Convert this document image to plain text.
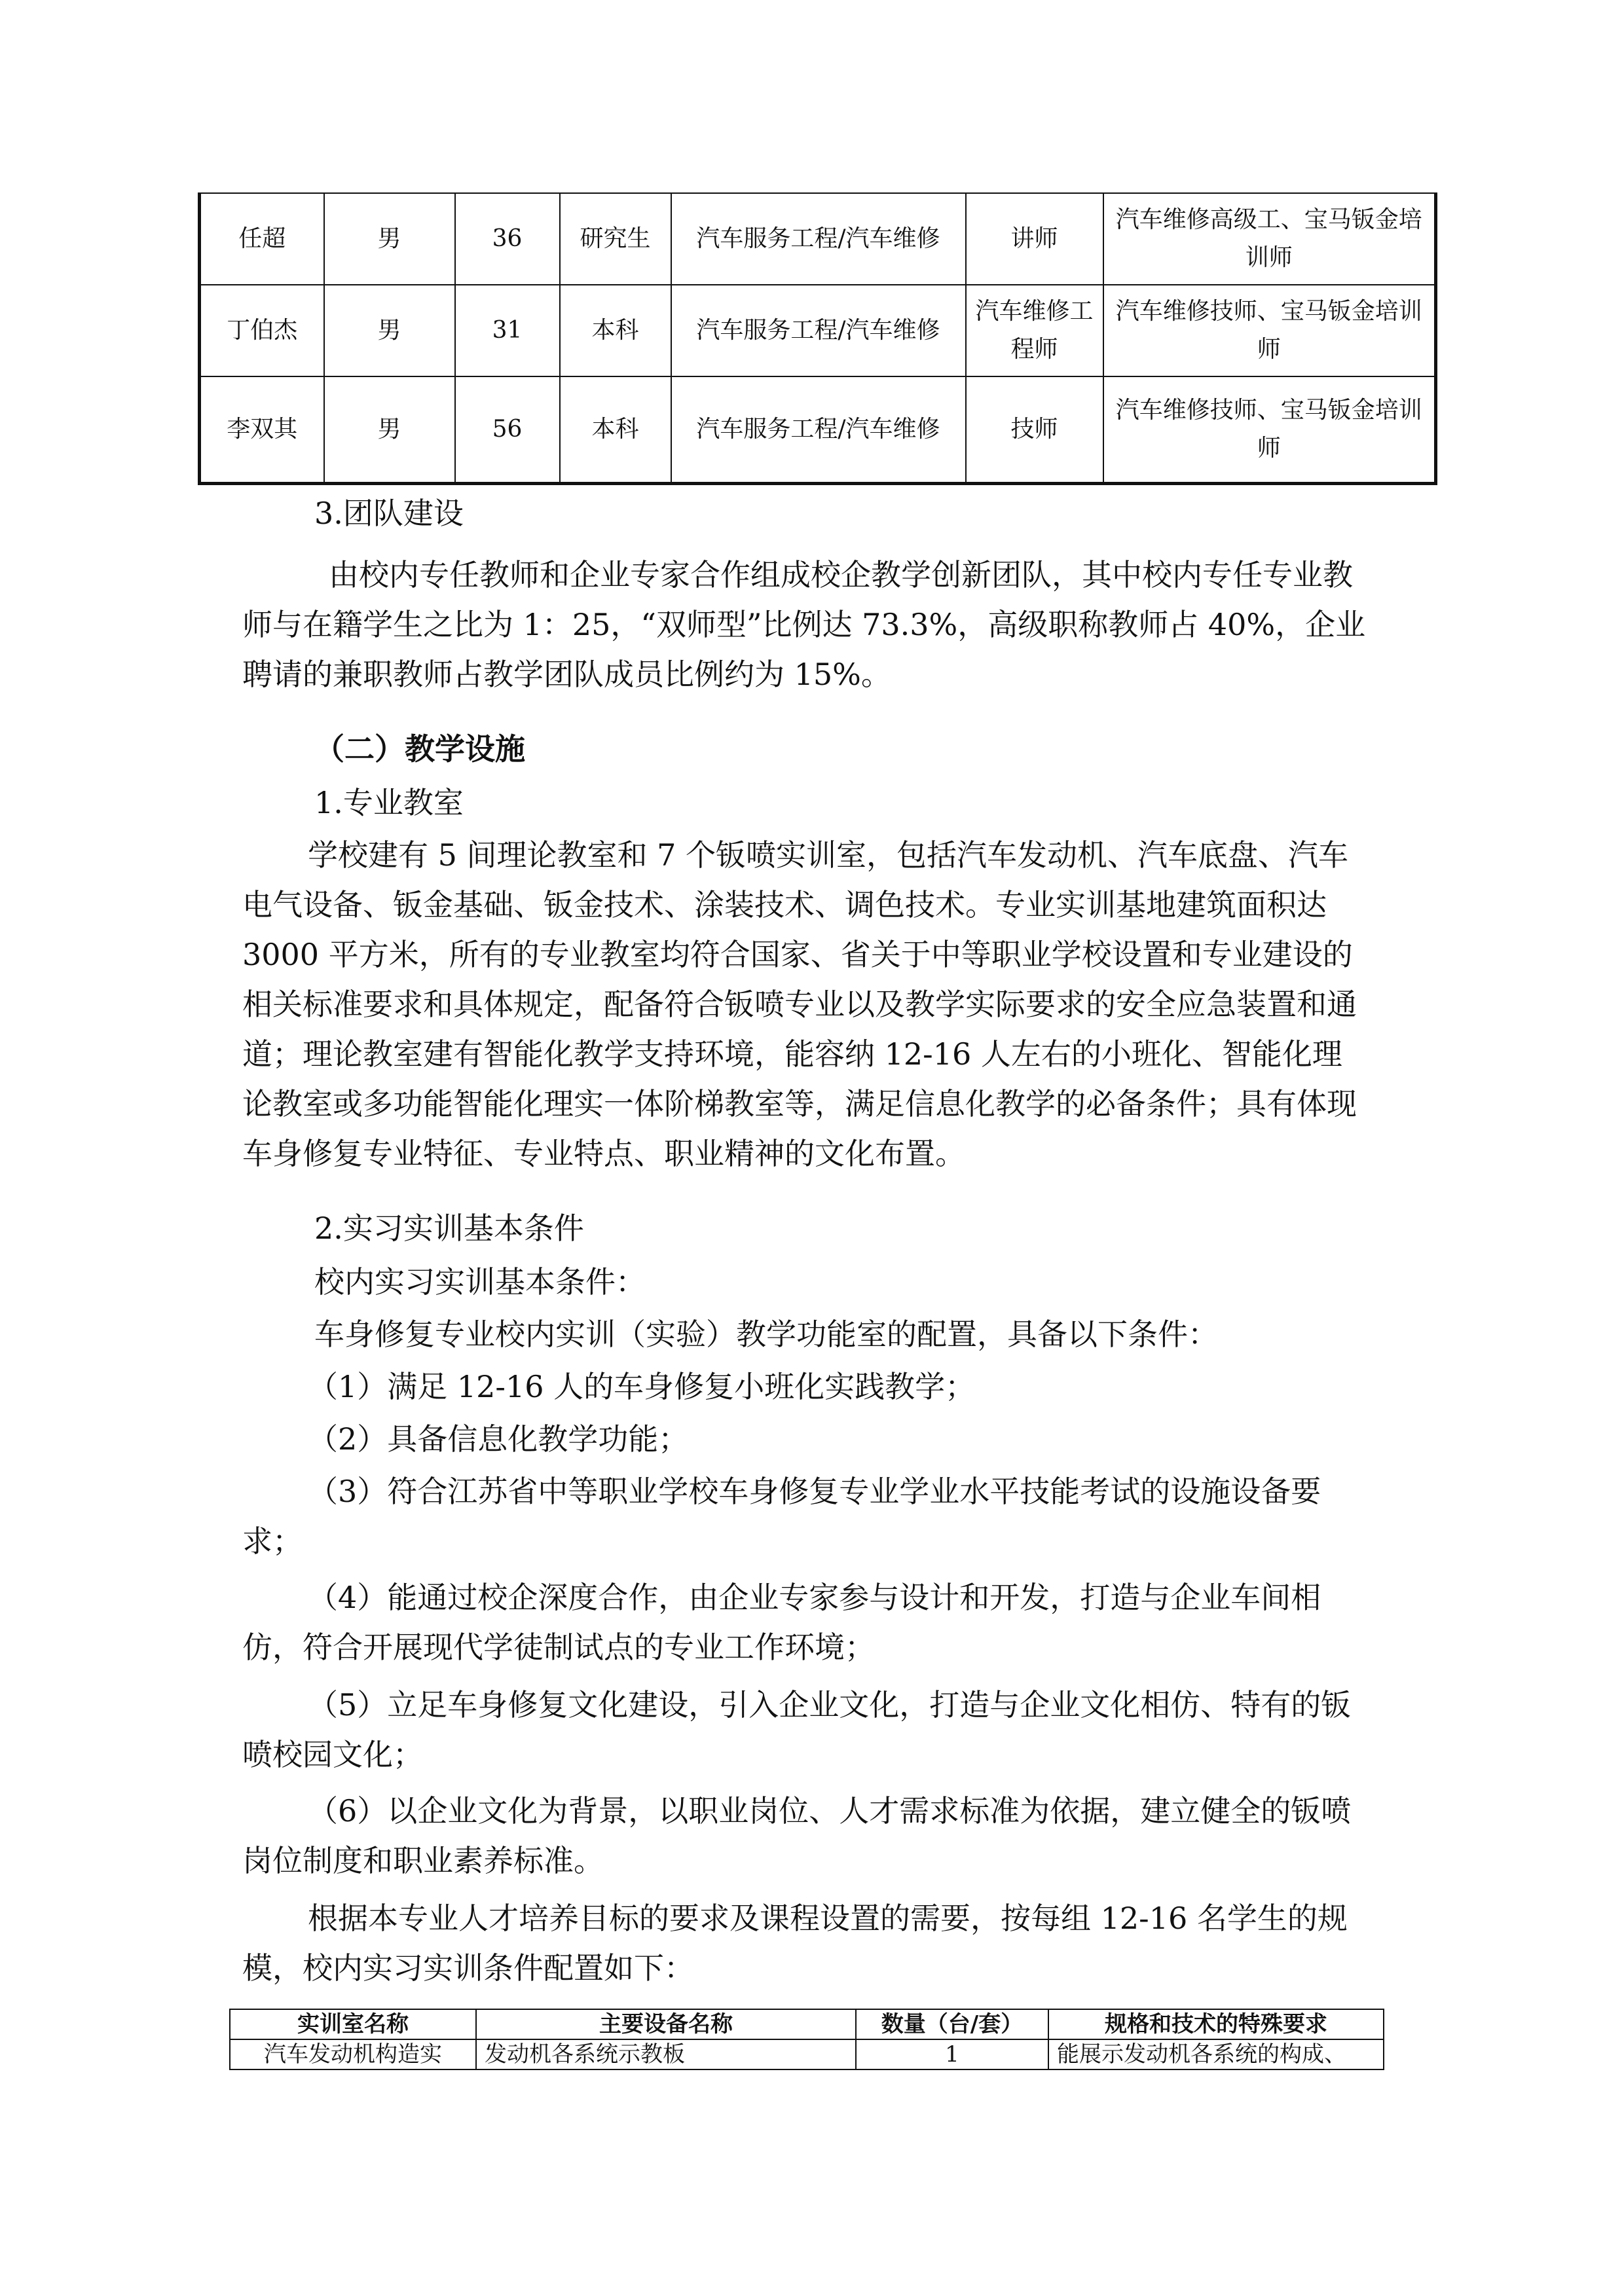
任超	男	36	研究生	汽车服务工程/汽车维修	讲师	汽车维修高级工、宝马钣金培训师
丁伯杰	男	31	本科	汽车服务工程/汽车维修	汽车维修工程师	汽车维修技师、宝马钣金培训师
李双其	男	56	本科	汽车服务工程/汽车维修	技师	汽车维修技师、宝马钣金培训师

3.团队建设

由校内专任教师和企业专家合作组成校企教学创新团队，其中校内专任专业教师与在籍学生之比为 1：25，“双师型”比例达 73.3%，高级职称教师占 40%，企业聘请的兼职教师占教学团队成员比例约为 15%。

（二）教学设施

1.专业教室

学校建有 5 间理论教室和 7 个钣喷实训室，包括汽车发动机、汽车底盘、汽车电气设备、钣金基础、钣金技术、涂装技术、调色技术。专业实训基地建筑面积达 3000 平方米，所有的专业教室均符合国家、省关于中等职业学校设置和专业建设的相关标准要求和具体规定，配备符合钣喷专业以及教学实际要求的安全应急装置和通道；理论教室建有智能化教学支持环境，能容纳 12-16 人左右的小班化、智能化理论教室或多功能智能化理实一体阶梯教室等，满足信息化教学的必备条件；具有体现车身修复专业特征、专业特点、职业精神的文化布置。

2.实习实训基本条件

校内实习实训基本条件：

车身修复专业校内实训（实验）教学功能室的配置，具备以下条件：

（1）满足 12-16 人的车身修复小班化实践教学；

（2）具备信息化教学功能；

（3）符合江苏省中等职业学校车身修复专业学业水平技能考试的设施设备要求；

（4）能通过校企深度合作，由企业专家参与设计和开发，打造与企业车间相仿，符合开展现代学徒制试点的专业工作环境；

（5）立足车身修复文化建设，引入企业文化，打造与企业文化相仿、特有的钣喷校园文化；

（6）以企业文化为背景，以职业岗位、人才需求标准为依据，建立健全的钣喷岗位制度和职业素养标准。

根据本专业人才培养目标的要求及课程设置的需要，按每组 12-16 名学生的规模，校内实习实训条件配置如下：

实训室名称	主要设备名称	数量（台/套）	规格和技术的特殊要求
汽车发动机构造实	发动机各系统示教板	1	能展示发动机各系统的构成、
